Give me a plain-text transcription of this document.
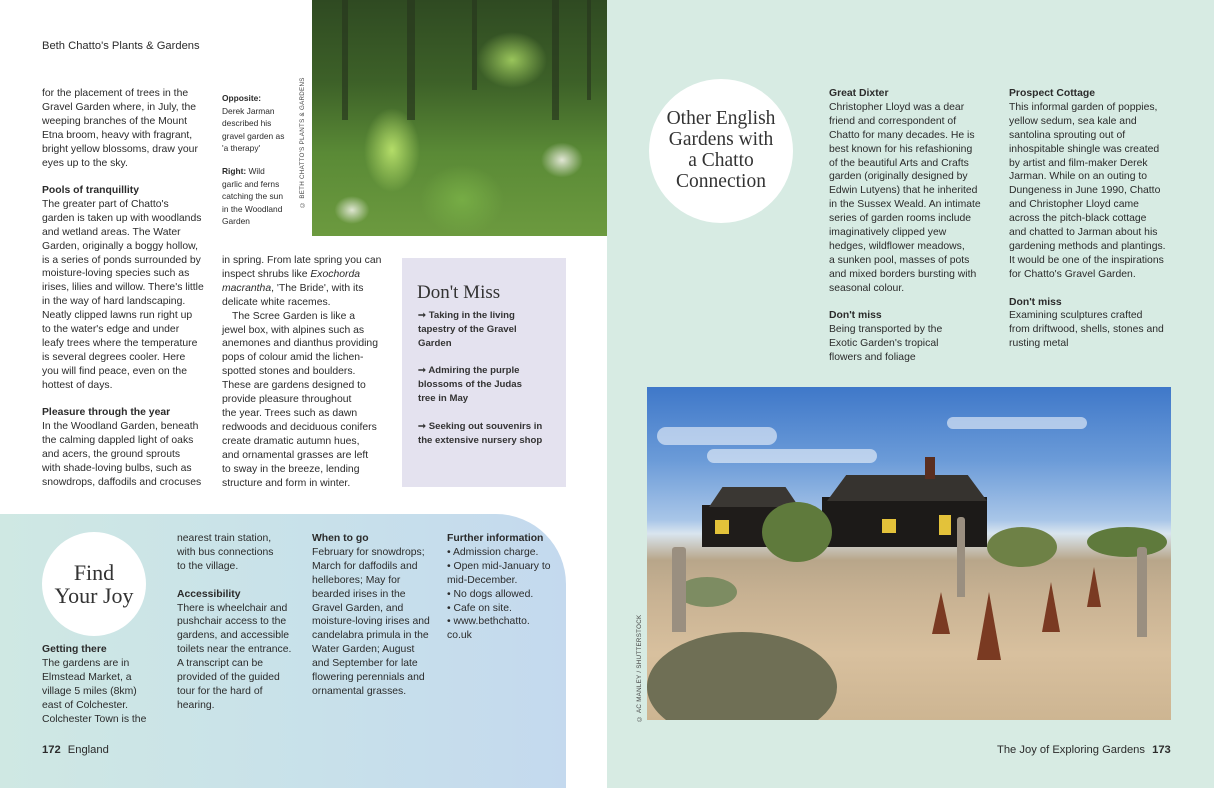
Beth Chatto's Plants & Gardens
for the placement of trees in the
Gravel Garden where, in July, the
weeping branches of the Mount
Etna broom, heavy with fragrant,
bright yellow blossoms, draw your
eyes up to the sky.
Pools of tranquillity
The greater part of Chatto's
garden is taken up with woodlands
and wetland areas. The Water
Garden, originally a boggy hollow,
is a series of ponds surrounded by
moisture-loving species such as
irises, lilies and willow. There's little
in the way of hard landscaping.
Neatly clipped lawns run right up
to the water's edge and under
leafy trees where the temperature
is several degrees cooler. Here
you will find peace, even on the
hottest of days.
Pleasure through the year
In the Woodland Garden, beneath
the calming dappled light of oaks
and acers, the ground sprouts
with shade-loving bulbs, such as
snowdrops, daffodils and crocuses
Opposite:
Derek Jarman
described his
gravel garden as
'a therapy'
Right: Wild
garlic and ferns
catching the sun
in the Woodland
Garden
© BETH CHATTO'S PLANTS & GARDENS
in spring. From late spring you can
inspect shrubs like Exochorda
macrantha, 'The Bride', with its
delicate white racemes.
The Scree Garden is like a
jewel box, with alpines such as
anemones and dianthus providing
pops of colour amid the lichen-
spotted stones and boulders.
These are gardens designed to
provide pleasure throughout
the year. Trees such as dawn
redwoods and deciduous conifers
create dramatic autumn hues,
and ornamental grasses are left
to sway in the breeze, lending
structure and form in winter.
Don't Miss
➞ Taking in the living
tapestry of the Gravel
Garden
➞ Admiring the purple
blossoms of the Judas
tree in May
➞ Seeking out souvenirs in
the extensive nursery shop
Find
Your Joy
Getting there
The gardens are in
Elmstead Market, a
village 5 miles (8km)
east of Colchester.
Colchester Town is the
nearest train station,
with bus connections
to the village.
Accessibility
There is wheelchair and
pushchair access to the
gardens, and accessible
toilets near the entrance.
A transcript can be
provided of the guided
tour for the hard of
hearing.
When to go
February for snowdrops;
March for daffodils and
hellebores; May for
bearded irises in the
Gravel Garden, and
moisture-loving irises and
candelabra primula in the
Water Garden; August
and September for late
flowering perennials and
ornamental grasses.
Further information
• Admission charge.
• Open mid-January to
mid-December.
• No dogs allowed.
• Cafe on site.
• www.bethchatto.
co.uk
172 England
Other English
Gardens with
a Chatto
Connection
Great Dixter
Christopher Lloyd was a dear
friend and correspondent of
Chatto for many decades. He is
best known for his refashioning
of the beautiful Arts and Crafts
garden (originally designed by
Edwin Lutyens) that he inherited
in the Sussex Weald. An intimate
series of garden rooms include
imaginatively clipped yew
hedges, wildflower meadows,
a sunken pool, masses of pots
and mixed borders bursting with
seasonal colour.
Don't miss
Being transported by the
Exotic Garden's tropical
flowers and foliage
Prospect Cottage
This informal garden of poppies,
yellow sedum, sea kale and
santolina sprouting out of
inhospitable shingle was created
by artist and film-maker Derek
Jarman. While on an outing to
Dungeness in June 1990, Chatto
and Christopher Lloyd came
across the pitch-black cottage
and chatted to Jarman about his
gardening methods and plantings.
It would be one of the inspirations
for Chatto's Gravel Garden.
Don't miss
Examining sculptures crafted
from driftwood, shells, stones and
rusting metal
© AC MANLEY / SHUTTERSTOCK
The Joy of Exploring Gardens 173
